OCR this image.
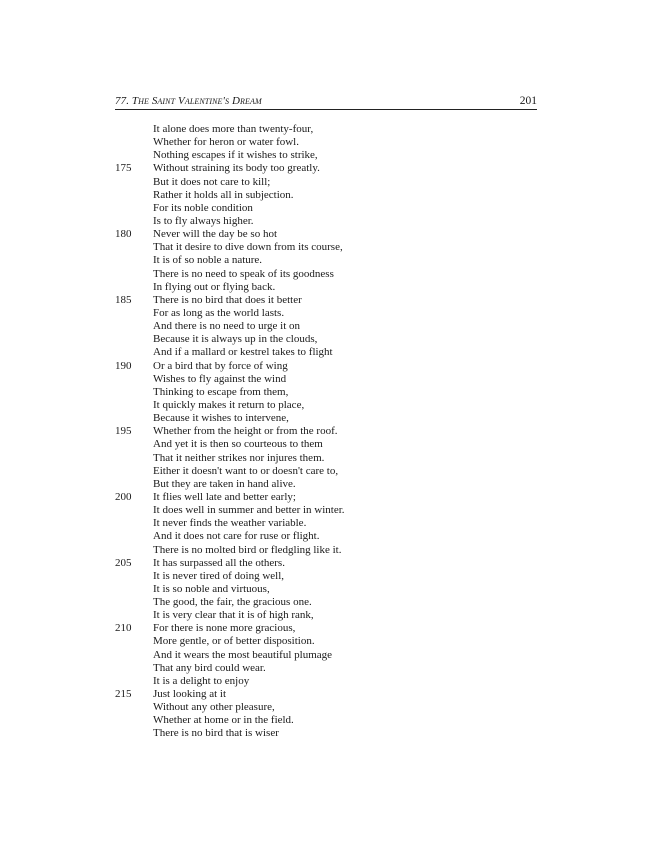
77. The Saint Valentine's Dream	201
It alone does more than twenty-four,
Whether for heron or water fowl.
Nothing escapes if it wishes to strike,
175 Without straining its body too greatly.
But it does not care to kill;
Rather it holds all in subjection.
For its noble condition
Is to fly always higher.
180 Never will the day be so hot
That it desire to dive down from its course,
It is of so noble a nature.
There is no need to speak of its goodness
In flying out or flying back.
185 There is no bird that does it better
For as long as the world lasts.
And there is no need to urge it on
Because it is always up in the clouds,
And if a mallard or kestrel takes to flight
190 Or a bird that by force of wing
Wishes to fly against the wind
Thinking to escape from them,
It quickly makes it return to place,
Because it wishes to intervene,
195 Whether from the height or from the roof.
And yet it is then so courteous to them
That it neither strikes nor injures them.
Either it doesn't want to or doesn't care to,
But they are taken in hand alive.
200 It flies well late and better early;
It does well in summer and better in winter.
It never finds the weather variable.
And it does not care for ruse or flight.
There is no molted bird or fledgling like it.
205 It has surpassed all the others.
It is never tired of doing well,
It is so noble and virtuous,
The good, the fair, the gracious one.
It is very clear that it is of high rank,
210 For there is none more gracious,
More gentle, or of better disposition.
And it wears the most beautiful plumage
That any bird could wear.
It is a delight to enjoy
215 Just looking at it
Without any other pleasure,
Whether at home or in the field.
There is no bird that is wiser
